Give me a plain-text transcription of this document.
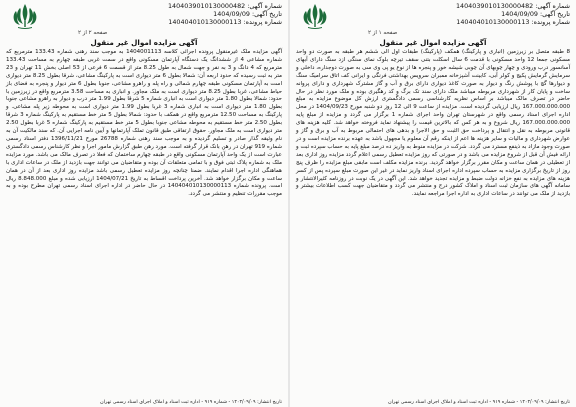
شماره آگهی: 1404039010130000482
تاریخ آگهی: 1404/09/09
شماره پرونده: 140404010130000113
صفحه ۱ از ۲
آگهی مزایده اموال غیر منقول
8 طبقه متصل بر زیرزمین (انباری و پارکینگ) همکف (پارکینگ) طبقات اول الی ششم هر طبقه به صورت دو واحد مسکونی جمعا 12 واحد مسکونی با قدمت 6 سال اسکلت بتنی سقف تیرچه بلوک نمای سنگی ازد سنگ دارای آبهای آسانسور درب ورودی و چهار چوبهای آن چوبی شیشه خور و پنجره ها از نوع یو پی وی سی به صورت دوجداره، داخلی و سرمایش گرمایش پکیج و کولر آبی، کابینت آشپزخانه ممبران سرویس بهداشتی فرنگی و ایرانی کف اتاق سرامیک سنگ و دیوارها گچ با پوشش رنگ و دیوار به صورت کاغذ دیواری دارای برق و آب و گاز مشترک شهرداری و دارای پروانه ساخت و پایان کار از شهرداری مربوطه میباشد ملک دارای سند تک برگ و کد رهگیری بوده و ملک مورد نظر در حال حاضر در تصرف مالک میباشد بر اساس نظریه کارشناسی رسمی دادگستری ارزش کل موضوع مزایده به مبلغ 167.000.000.000 ریال ارزیابی گردیده است. مزایده از ساعت 9 الی 12 روز دو شنبه مورخ 1404/09/23 در محل اداره اجرای اسناد رسمی واقع در شهرستان تهران واحد اجرای شماره 1 برگزار می گردد و مزایده از مبلغ پایه 167.000.000.000 ریال شروع و به هر کس که بالاترین قیمت را پیشنهاد نماید فروخته خواهد شد. کلیه هزینه های قانونی مربوطه به نقل و انتقال و پرداخت حق الثبت و حق الاجرا و بدهی های احتمالی مربوط به آب و برق و گاز و عوارض شهرداری و مالیات و سایر هزینه ها اعم از اینکه رقم آن معلوم یا مجهول باشد به عهده برنده مزایده است و در صورت وجود مازاد به ذینفع مسترد می گردد. شرکت در مزایده منوط به واریز ده درصد مبلغ پایه به حساب سپرده ثبت و ارائه فیش آن قبل از شروع مزایده می باشد و در صورتی که روز مزایده تعطیل رسمی اعلام گردد مزایده روز اداری بعد از تعطیلی در همان ساعت و مکان مقرر برگزار خواهد گردید. برنده مزایده مکلف است مابقی مبلغ مزایده را ظرف پنج روز از تاریخ برگزاری مزایده به حساب سپرده اداره اجرای اسناد واریز نماید در غیر این صورت مبلغ سپرده پس از کسر هزینه های مزایده به نفع خزانه دولت ضبط و مزایده تجدید خواهد شد. این آگهی در یک نوبت در روزنامه کثیرالانتشار و سامانه آگهی های سازمان ثبت اسناد و املاک کشور درج و منتشر می گردد و متقاضیان جهت کسب اطلاعات بیشتر و بازدید از ملک می توانند در ساعات اداری به اداره اجرا مراجعه نمایند.
تاریخ انتشار: ۱۴۰۴/۰۹/۰۹ - شماره ۹۱۹ - اداره ثبت اسناد و املاک اجرای اسناد رسمی تهران
شماره آگهی: 1404039010130000482
تاریخ آگهی: 1404/09/09
شماره پرونده: 140404010130000113
صفحه ۲ از ۲
آگهی مزایده اموال غیر منقول
آگهی مزایده ملک غیرمنقول پرونده اجرائی کلاسه 1404001113 به موجب سند رهنی شماره 133.43 مترمربع که شماره مشاعی 4 از ششدانگ یک دستگاه آپارتمان مسکونی واقع در سمت غربی طبقه چهارم به مساحت 133.43 مترمربع که 4 دانگ و 3 به نفر و جهت شمال به طول 8.25 متر از قسمت 6 فرعی از 53 اصلی بخش 11 تهران و 23 متر به ثبت رسیده که حدود اربعه آن: شمالا بطول 6 متر دیواری است به پارکینگ مشاعی، شرقا بطول 8.25 متر دیواری است به آپارتمان مسکونی طبقه چهارم شمالی و راه پله و راهرو مشاعی، جنوبا بطول 6 متر دیوار و پنجره به فضای باز حیاط مشاعی، غربا بطول 8.25 متر دیواری است به ملک مجاور. و انباری به مساحت 3.58 مترمربع واقع در زیرزمین با حدود: شمالا بطول 1.80 متر دیواری است به انباری شماره 5 شرقا بطول 1.99 متر درب و دیوار به راهرو مشاعی جنوبا بطول 1.80 متر دیواری است به انباری شماره 3 غربا بطول 1.99 متر دیواری است به محوطه زیر پله مشاعی. و پارکینگ به مساحت 12.50 مترمربع واقع در همکف با حدود: شمالا بطول 5 متر خط مستقیم به پارکینگ شماره 3 شرقا بطول 2.50 متر خط مستقیم به محوطه مشاعی جنوبا بطول 5 متر خط مستقیم به پارکینگ شماره 5 غربا بطول 2.50 متر دیواری است به ملک مجاور. حقوق ارتفاقی طبق قانون تملک آپارتمانها و آیین نامه اجرایی آن. که سند مالکیت آن به نام وثیقه گذار صادر و تسلیم گردیده و به موجب سند رهنی شماره 26788 مورخ 1396/11/21 دفتر اسناد رسمی شماره 919 تهران در رهن بانک قرار گرفته است. مورد رهن طبق گزارش مامور اجرا و نظر کارشناس رسمی دادگستری عبارت است از یک واحد آپارتمان مسکونی واقع در طبقه چهارم ساختمان که فعلا در تصرف مالک می باشد. مورد مزایده ملک به شماره پلاک ثبتی فوق و با تمامی متعلقات آن بوده و متقاضیان می توانند جهت بازدید از ملک در ساعات اداری با هماهنگی اداره اجرا اقدام نمایند. ضمنا چنانچه روز مزایده تعطیل رسمی باشد مزایده روز اداری بعد از آن در همان ساعت و مکان برگزار خواهد شد. آخرین پرداخت اقساط به تاریخ 1404/07/21 ارزیابی شده و مبلغ 8.848.000 ریال است. پرونده شماره 140404010130000113 در حال حاضر در اداره اجرای اسناد رسمی تهران مطرح بوده و به موجب مقررات تنظیم و منتشر می گردد.
تاریخ انتشار: ۱۴۰۴/۰۹/۰۹ - شماره ۹۱۹ - اداره ثبت اسناد و املاک اجرای اسناد رسمی تهران
